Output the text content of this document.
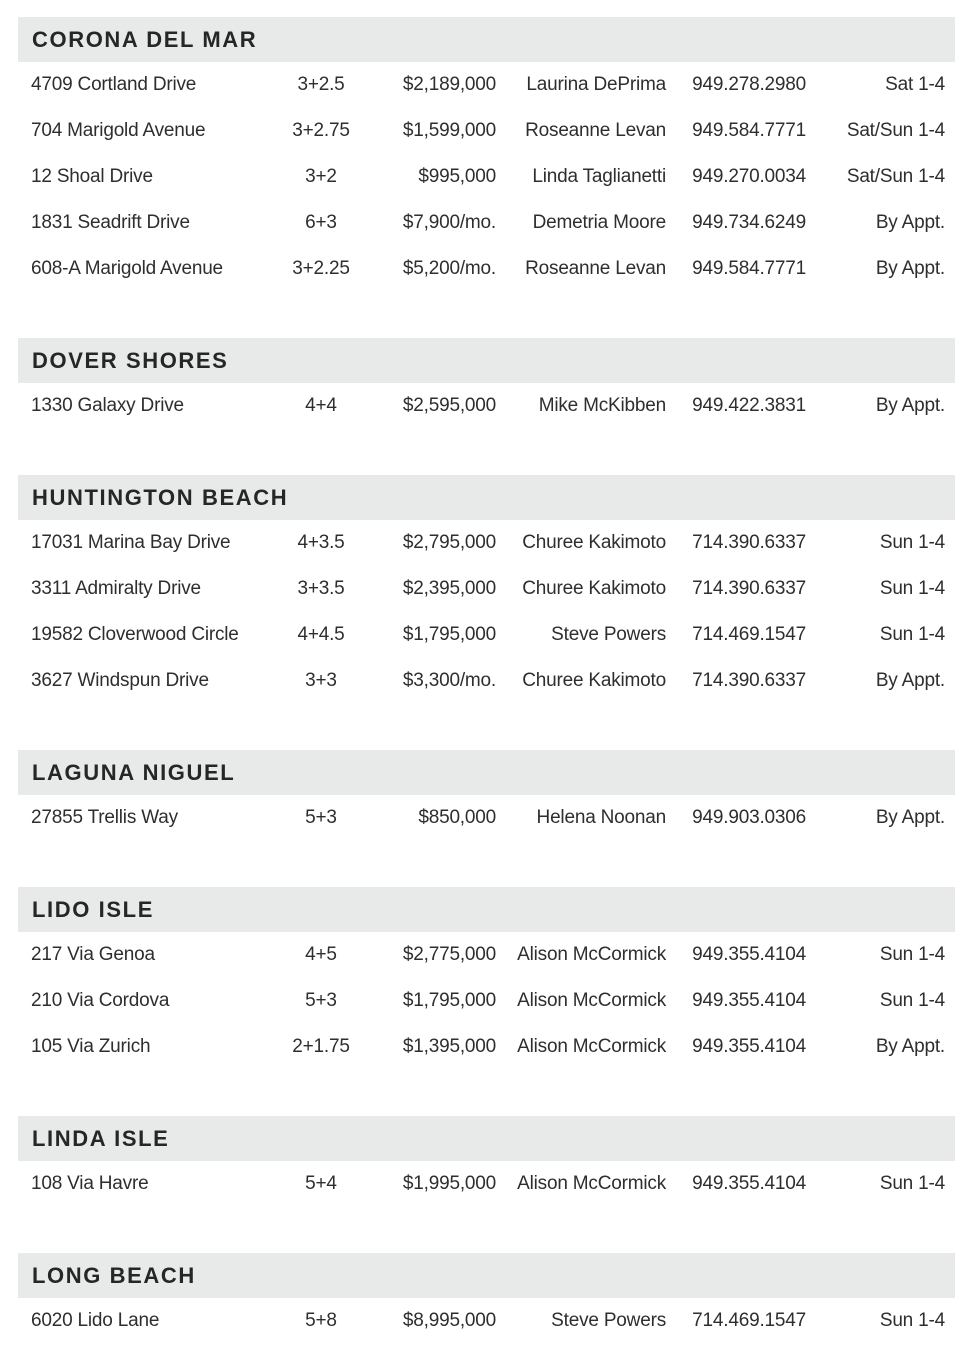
CORONA DEL MAR
4709 Cortland Drive	3+2.5	$2,189,000	Laurina DePrima	949.278.2980	Sat 1-4
704 Marigold Avenue	3+2.75	$1,599,000	Roseanne Levan	949.584.7771	Sat/Sun 1-4
12 Shoal Drive	3+2	$995,000	Linda Taglianetti	949.270.0034	Sat/Sun 1-4
1831 Seadrift Drive	6+3	$7,900/mo.	Demetria Moore	949.734.6249	By Appt.
608-A Marigold Avenue	3+2.25	$5,200/mo.	Roseanne Levan	949.584.7771	By Appt.
DOVER SHORES
1330 Galaxy Drive	4+4	$2,595,000	Mike McKibben	949.422.3831	By Appt.
HUNTINGTON BEACH
17031 Marina Bay Drive	4+3.5	$2,795,000	Churee Kakimoto	714.390.6337	Sun 1-4
3311 Admiralty Drive	3+3.5	$2,395,000	Churee Kakimoto	714.390.6337	Sun 1-4
19582 Cloverwood Circle	4+4.5	$1,795,000	Steve Powers	714.469.1547	Sun 1-4
3627 Windspun Drive	3+3	$3,300/mo.	Churee Kakimoto	714.390.6337	By Appt.
LAGUNA NIGUEL
27855 Trellis Way	5+3	$850,000	Helena Noonan	949.903.0306	By Appt.
LIDO ISLE
217 Via Genoa	4+5	$2,775,000	Alison McCormick	949.355.4104	Sun 1-4
210 Via Cordova	5+3	$1,795,000	Alison McCormick	949.355.4104	Sun 1-4
105 Via Zurich	2+1.75	$1,395,000	Alison McCormick	949.355.4104	By Appt.
LINDA ISLE
108 Via Havre	5+4	$1,995,000	Alison McCormick	949.355.4104	Sun 1-4
LONG BEACH
6020 Lido Lane	5+8	$8,995,000	Steve Powers	714.469.1547	Sun 1-4
